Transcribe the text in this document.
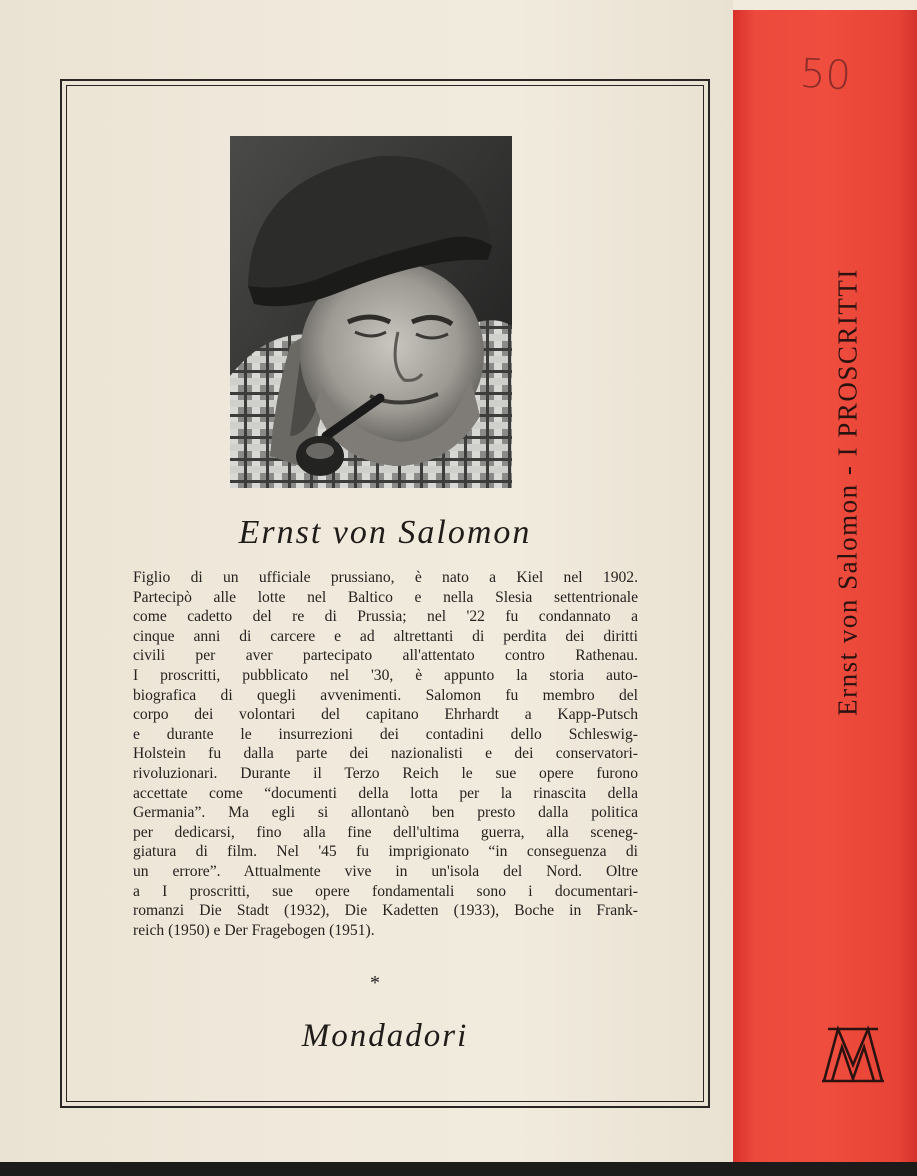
Ernst von Salomon

Figlio di un ufficiale prussiano, è nato a Kiel nel 1902.

Partecipò alle lotte nel Baltico e nella Slesia settentrionale

come cadetto del re di Prussia; nel '22 fu condannato a

cinque anni di carcere e ad altrettanti di perdita dei diritti

civili per aver partecipato all'attentato contro Rathenau.

I proscritti, pubblicato nel '30, è appunto la storia auto-

biografica di quegli avvenimenti. Salomon fu membro del

corpo dei volontari del capitano Ehrhardt a Kapp-Putsch

e durante le insurrezioni dei contadini dello Schleswig-

Holstein fu dalla parte dei nazionalisti e dei conservatori-

rivoluzionari. Durante il Terzo Reich le sue opere furono

accettate come “documenti della lotta per la rinascita della

Germania”. Ma egli si allontanò ben presto dalla politica

per dedicarsi, fino alla fine dell'ultima guerra, alla sceneg-

giatura di film. Nel '45 fu imprigionato “in conseguenza di

un errore”. Attualmente vive in un'isola del Nord. Oltre

a I proscritti, sue opere fondamentali sono i documentari-

romanzi Die Stadt (1932), Die Kadetten (1933), Boche in Frank-

reich (1950) e Der Fragebogen (1951).

*
Mondadori
50
Ernst von Salomon - I PROSCRITTI
